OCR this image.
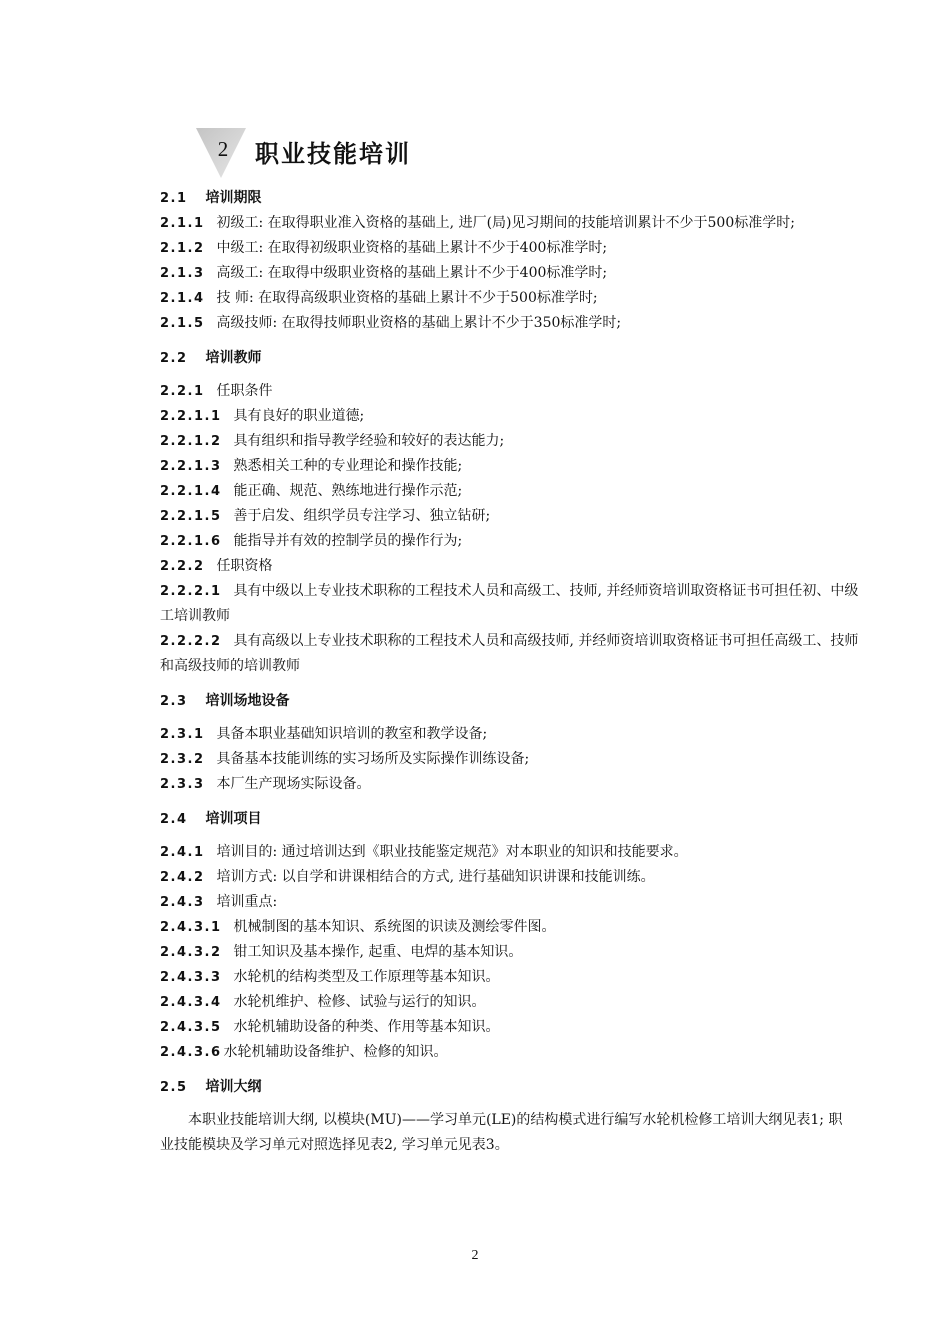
2 职业技能培训
2.1 培训期限
2.1.1 初级工: 在取得职业准入资格的基础上, 进厂(局)见习期间的技能培训累计不少于500标准学时;
2.1.2 中级工: 在取得初级职业资格的基础上累计不少于400标准学时;
2.1.3 高级工: 在取得中级职业资格的基础上累计不少于400标准学时;
2.1.4 技 师: 在取得高级职业资格的基础上累计不少于500标准学时;
2.1.5 高级技师: 在取得技师职业资格的基础上累计不少于350标准学时;
2.2 培训教师
2.2.1 任职条件
2.2.1.1 具有良好的职业道德;
2.2.1.2 具有组织和指导教学经验和较好的表达能力;
2.2.1.3 熟悉相关工种的专业理论和操作技能;
2.2.1.4 能正确、规范、熟练地进行操作示范;
2.2.1.5 善于启发、组织学员专注学习、独立钻研;
2.2.1.6 能指导并有效的控制学员的操作行为;
2.2.2 任职资格
2.2.2.1 具有中级以上专业技术职称的工程技术人员和高级工、技师, 并经师资培训取资格证书可担任初、中级工培训教师
2.2.2.2 具有高级以上专业技术职称的工程技术人员和高级技师, 并经师资培训取资格证书可担任高级工、技师和高级技师的培训教师
2.3 培训场地设备
2.3.1 具备本职业基础知识培训的教室和教学设备;
2.3.2 具备基本技能训练的实习场所及实际操作训练设备;
2.3.3 本厂生产现场实际设备。
2.4 培训项目
2.4.1 培训目的: 通过培训达到《职业技能鉴定规范》对本职业的知识和技能要求。
2.4.2 培训方式: 以自学和讲课相结合的方式, 进行基础知识讲课和技能训练。
2.4.3 培训重点:
2.4.3.1 机械制图的基本知识、系统图的识读及测绘零件图。
2.4.3.2 钳工知识及基本操作, 起重、电焊的基本知识。
2.4.3.3 水轮机的结构类型及工作原理等基本知识。
2.4.3.4 水轮机维护、检修、试验与运行的知识。
2.4.3.5 水轮机辅助设备的种类、作用等基本知识。
2.4.3.6 水轮机辅助设备维护、检修的知识。
2.5 培训大纲
本职业技能培训大纲, 以模块(MU)——学习单元(LE)的结构模式进行编写水轮机检修工培训大纲见表1; 职业技能模块及学习单元对照选择见表2, 学习单元见表3。
2
